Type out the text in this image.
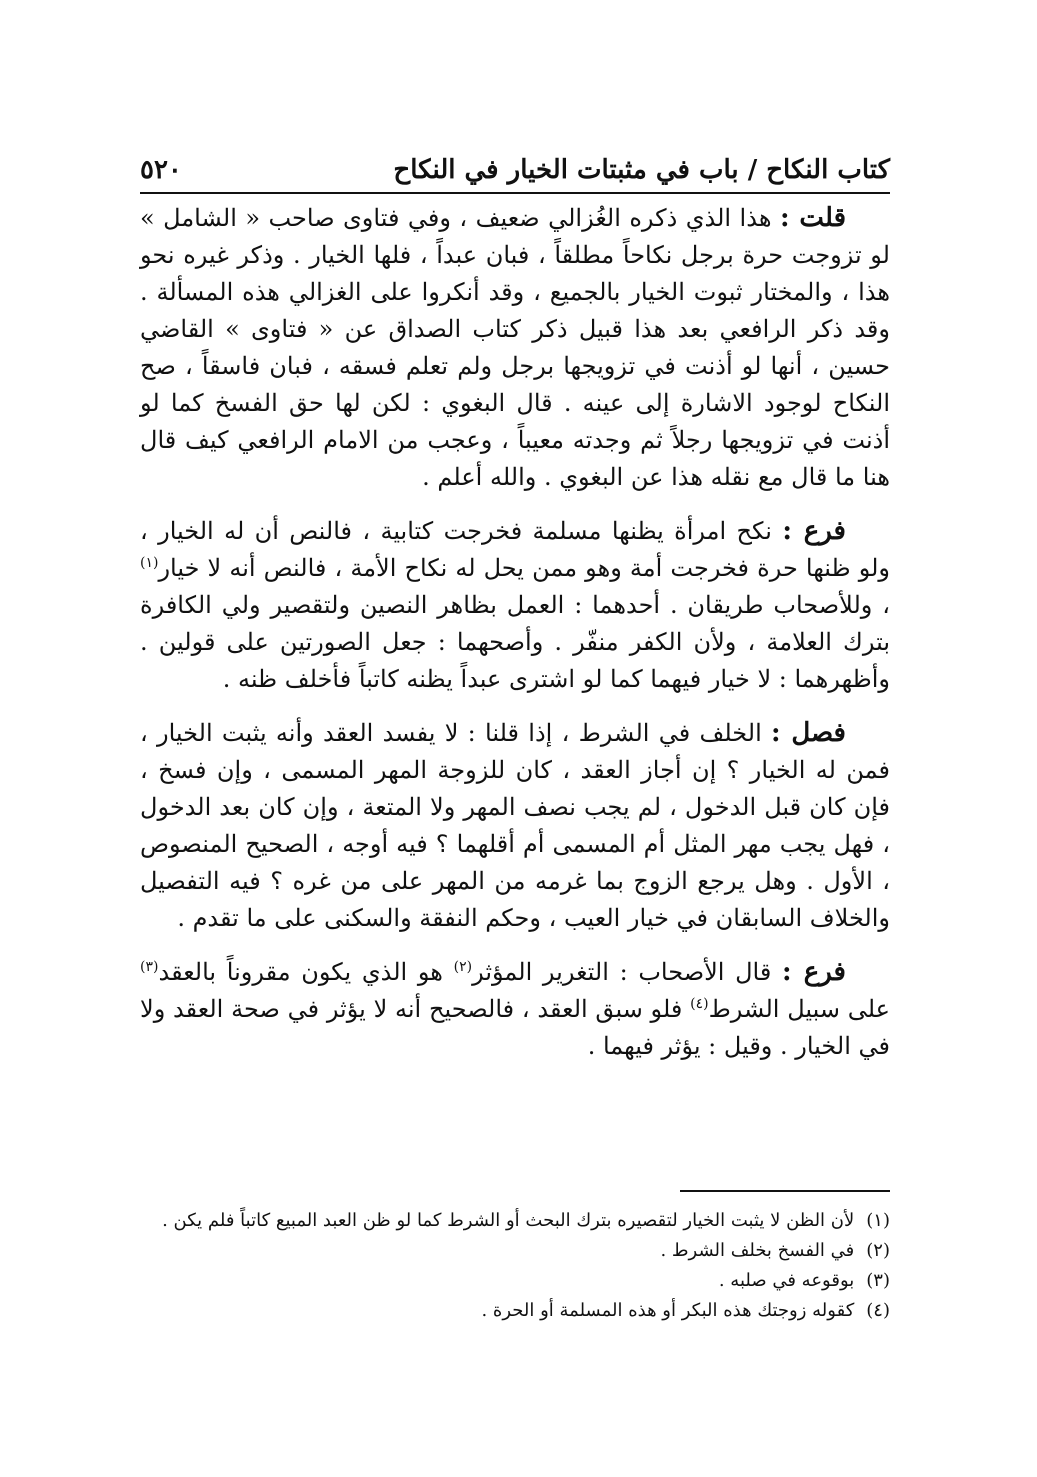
كتاب النكاح / باب في مثبتات الخيار في النكاح
٥٢٠

قلت : هذا الذي ذكره الغُزالي ضعيف ، وفي فتاوى صاحب « الشامل » لو تزوجت حرة برجل نكاحاً مطلقاً ، فبان عبداً ، فلها الخيار . وذكر غيره نحو هذا ، والمختار ثبوت الخيار بالجميع ، وقد أنكروا على الغزالي هذه المسألة . وقد ذكر الرافعي بعد هذا قبيل ذكر كتاب الصداق عن « فتاوى » القاضي حسين ، أنها لو أذنت في تزويجها برجل ولم تعلم فسقه ، فبان فاسقاً ، صح النكاح لوجود الاشارة إلى عينه . قال البغوي : لكن لها حق الفسخ كما لو أذنت في تزويجها رجلاً ثم وجدته معيباً ، وعجب من الامام الرافعي كيف قال هنا ما قال مع نقله هذا عن البغوي . والله أعلم .

فرع : نكح امرأة يظنها مسلمة فخرجت كتابية ، فالنص أن له الخيار ، ولو ظنها حرة فخرجت أمة وهو ممن يحل له نكاح الأمة ، فالنص أنه لا خيار$^{(١)}$ ، وللأصحاب طريقان . أحدهما : العمل بظاهر النصين ولتقصير ولي الكافرة بترك العلامة ، ولأن الكفر منفّر . وأصحهما : جعل الصورتين على قولين . وأظهرهما : لا خيار فيهما كما لو اشترى عبداً يظنه كاتباً فأخلف ظنه .

فصل : الخلف في الشرط ، إذا قلنا : لا يفسد العقد وأنه يثبت الخيار ، فمن له الخيار ؟ إن أجاز العقد ، كان للزوجة المهر المسمى ، وإن فسخ ، فإن كان قبل الدخول ، لم يجب نصف المهر ولا المتعة ، وإن كان بعد الدخول ، فهل يجب مهر المثل أم المسمى أم أقلهما ؟ فيه أوجه ، الصحيح المنصوص ، الأول . وهل يرجع الزوج بما غرمه من المهر على من غره ؟ فيه التفصيل والخلاف السابقان في خيار العيب ، وحكم النفقة والسكنى على ما تقدم .

فرع : قال الأصحاب : التغرير المؤثر$^{(٢)}$ هو الذي يكون مقروناً بالعقد$^{(٣)}$ على سبيل الشرط$^{(٤)}$ فلو سبق العقد ، فالصحيح أنه لا يؤثر في صحة العقد ولا في الخيار . وقيل : يؤثر فيهما .

(١) لأن الظن لا يثبت الخيار لتقصيره بترك البحث أو الشرط كما لو ظن العبد المبيع كاتباً فلم يكن .

(٢) في الفسخ بخلف الشرط .

(٣) بوقوعه في صلبه .

(٤) كقوله زوجتك هذه البكر أو هذه المسلمة أو الحرة .
